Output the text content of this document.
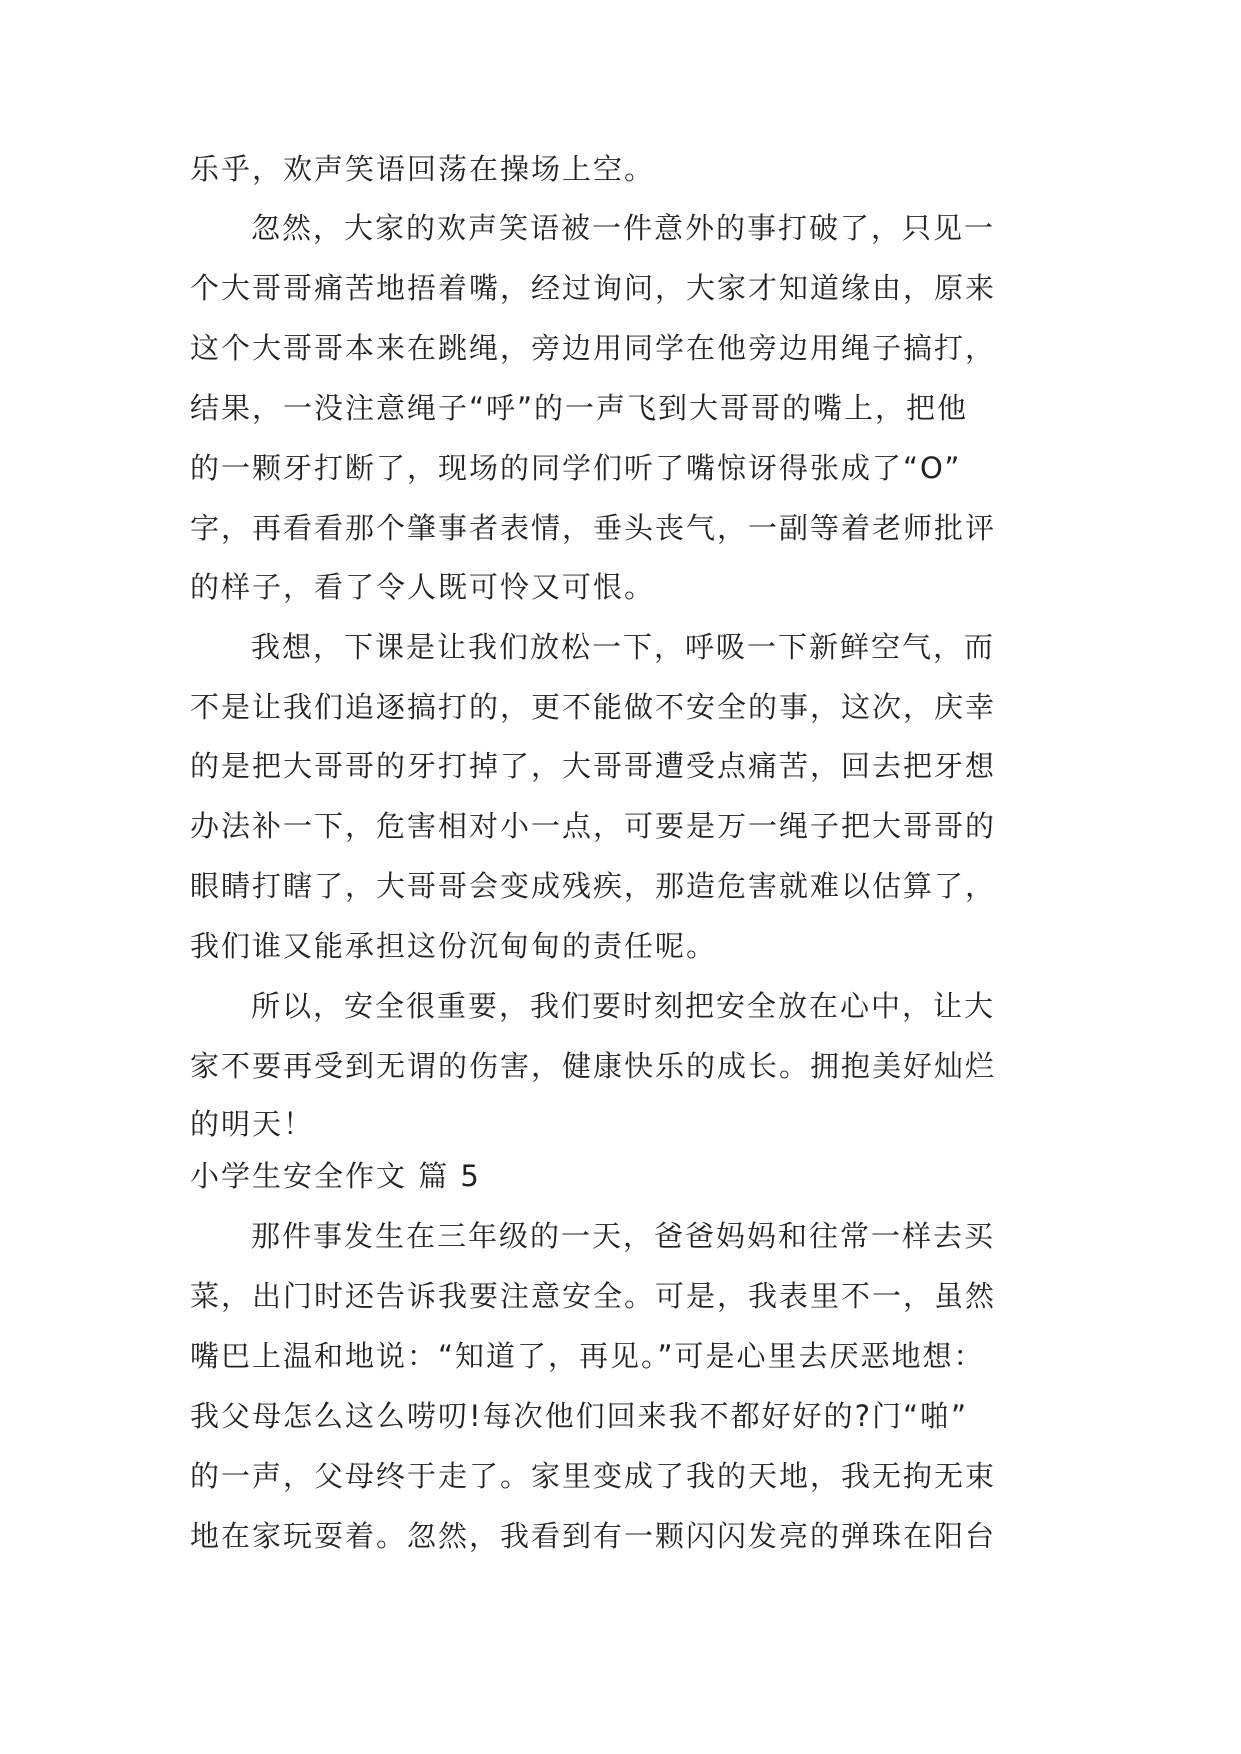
乐乎，欢声笑语回荡在操场上空。
忽然，大家的欢声笑语被一件意外的事打破了，只见一
个大哥哥痛苦地捂着嘴，经过询问，大家才知道缘由，原来
这个大哥哥本来在跳绳，旁边用同学在他旁边用绳子搞打，
结果，一没注意绳子“呼”的一声飞到大哥哥的嘴上，把他
的一颗牙打断了，现场的同学们听了嘴惊讶得张成了“O”
字，再看看那个肇事者表情，垂头丧气，一副等着老师批评
的样子，看了令人既可怜又可恨。
我想，下课是让我们放松一下，呼吸一下新鲜空气，而
不是让我们追逐搞打的，更不能做不安全的事，这次，庆幸
的是把大哥哥的牙打掉了，大哥哥遭受点痛苦，回去把牙想
办法补一下，危害相对小一点，可要是万一绳子把大哥哥的
眼睛打瞎了，大哥哥会变成残疾，那造危害就难以估算了，
我们谁又能承担这份沉甸甸的责任呢。
所以，安全很重要，我们要时刻把安全放在心中，让大
家不要再受到无谓的伤害，健康快乐的成长。拥抱美好灿烂
的明天！
小学生安全作文 篇 5
那件事发生在三年级的一天，爸爸妈妈和往常一样去买
菜，出门时还告诉我要注意安全。可是，我表里不一，虽然
嘴巴上温和地说：“知道了，再见。”可是心里去厌恶地想：
我父母怎么这么唠叨!每次他们回来我不都好好的?门“啪”
的一声，父母终于走了。家里变成了我的天地，我无拘无束
地在家玩耍着。忽然，我看到有一颗闪闪发亮的弹珠在阳台
